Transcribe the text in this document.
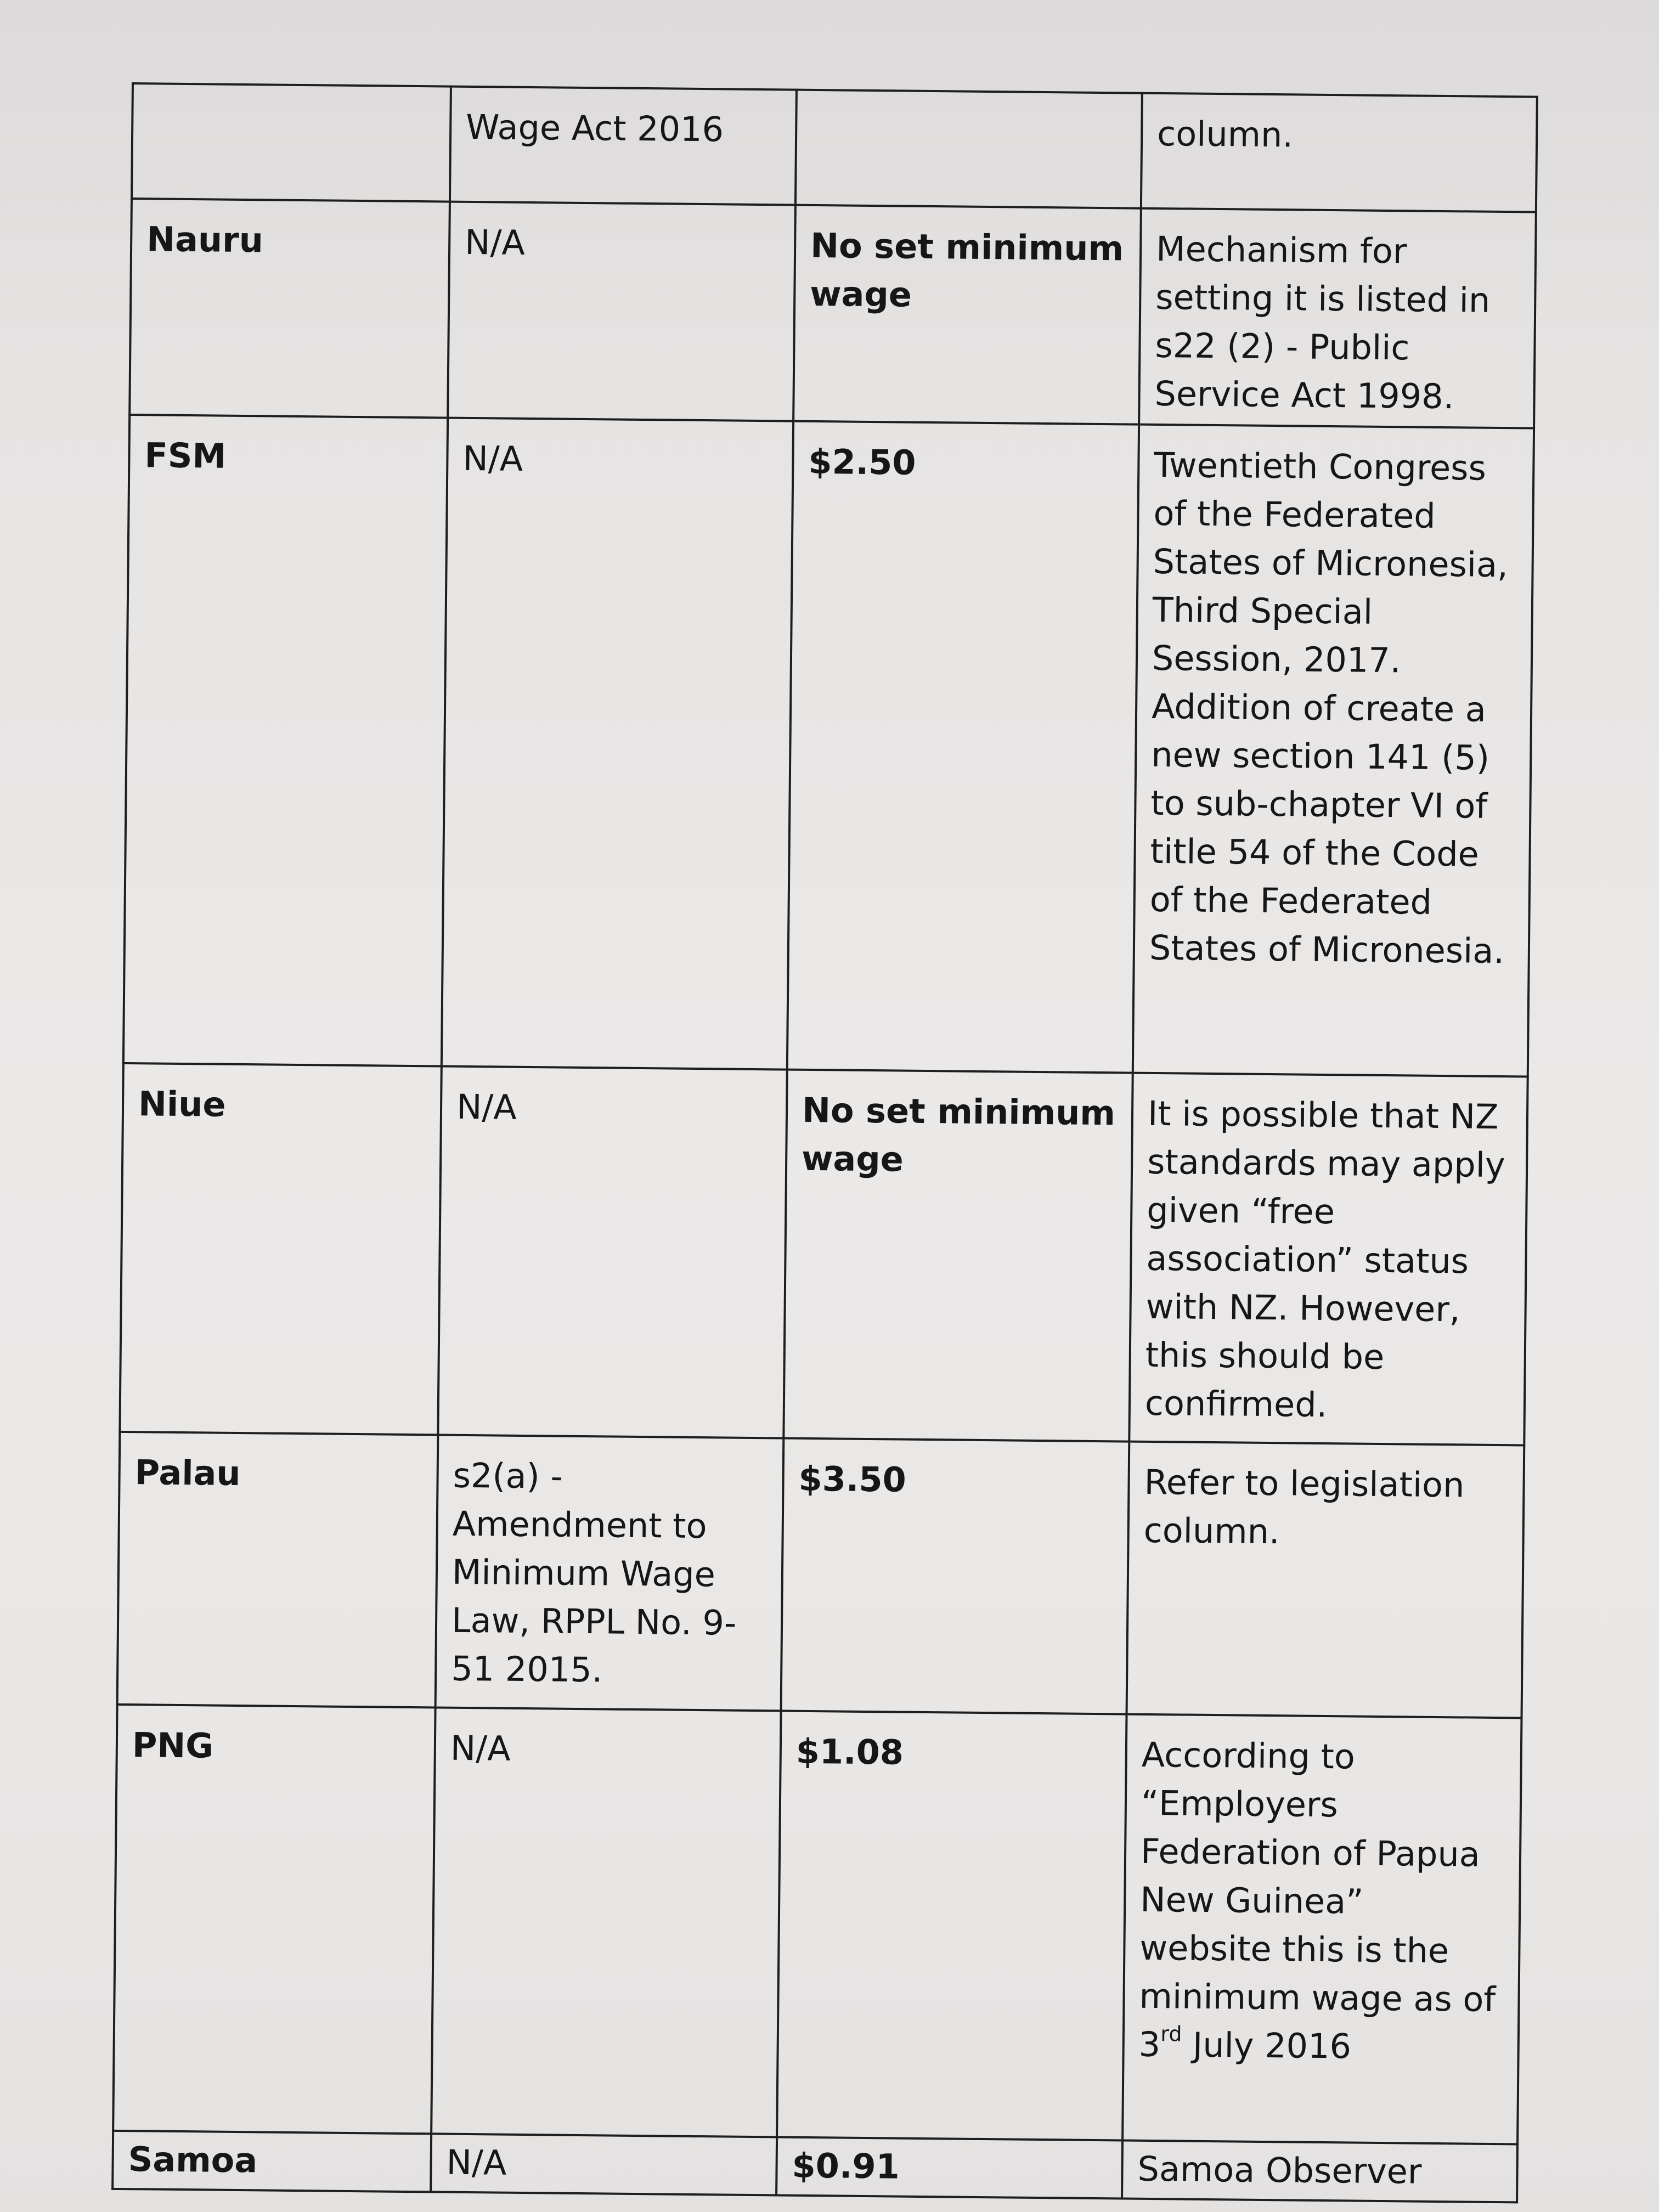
	Wage Act 2016		column.
Nauru	N/A	No set minimum wage	Mechanism for setting it is listed in s22 (2) - Public Service Act 1998.
FSM	N/A	$2.50	Twentieth Congress of the Federated States of Micronesia, Third Special Session, 2017. Addition of create a new section 141 (5) to sub-chapter VI of title 54 of the Code of the Federated States of Micronesia.
Niue	N/A	No set minimum wage	It is possible that NZ standards may apply given “free association” status with NZ. However, this should be confirmed.
Palau	s2(a) - Amendment to Minimum Wage Law, RPPL No. 9-51 2015.	$3.50	Refer to legislation column.
PNG	N/A	$1.08	According to “Employers Federation of Papua New Guinea” website this is the minimum wage as of 3rd July 2016
Samoa	N/A	$0.91	Samoa Observer
